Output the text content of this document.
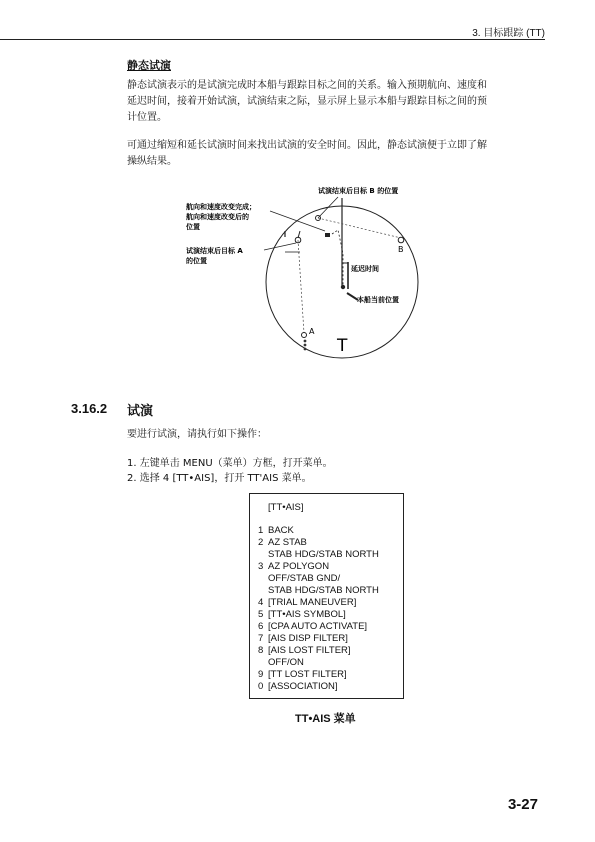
3. 目标跟踪 (TT)
静态试演
静态试演表示的是试演完成时本船与跟踪目标之间的关系。输入预期航向、速度和
延迟时间，接着开始试演，试演结束之际，显示屏上显示本船与跟踪目标之间的预
计位置。
可通过缩短和延长试演时间来找出试演的安全时间。因此，静态试演便于立即了解
操纵结果。
试演结束后目标 B 的位置
航向和速度改变完成；
航向和速度改变后的
位置
试演结束后目标 A
的位置
B
延迟时间
本船当前位置
A
T
3.16.2 试演
要进行试演，请执行如下操作：
1. 左键单击 MENU（菜单）方框，打开菜单。
2. 选择 4 [TT•AIS]，打开 TT'AIS 菜单。
[TT•AIS]
1 BACK
2 AZ STAB
STAB HDG/STAB NORTH
3 AZ POLYGON
OFF/STAB GND/
STAB HDG/STAB NORTH
4 [TRIAL MANEUVER]
5 [TT•AIS SYMBOL]
6 [CPA AUTO ACTIVATE]
7 [AIS DISP FILTER]
8 [AIS LOST FILTER]
OFF/ON
9 [TT LOST FILTER]
0 [ASSOCIATION]
TT•AIS 菜单
3-27
